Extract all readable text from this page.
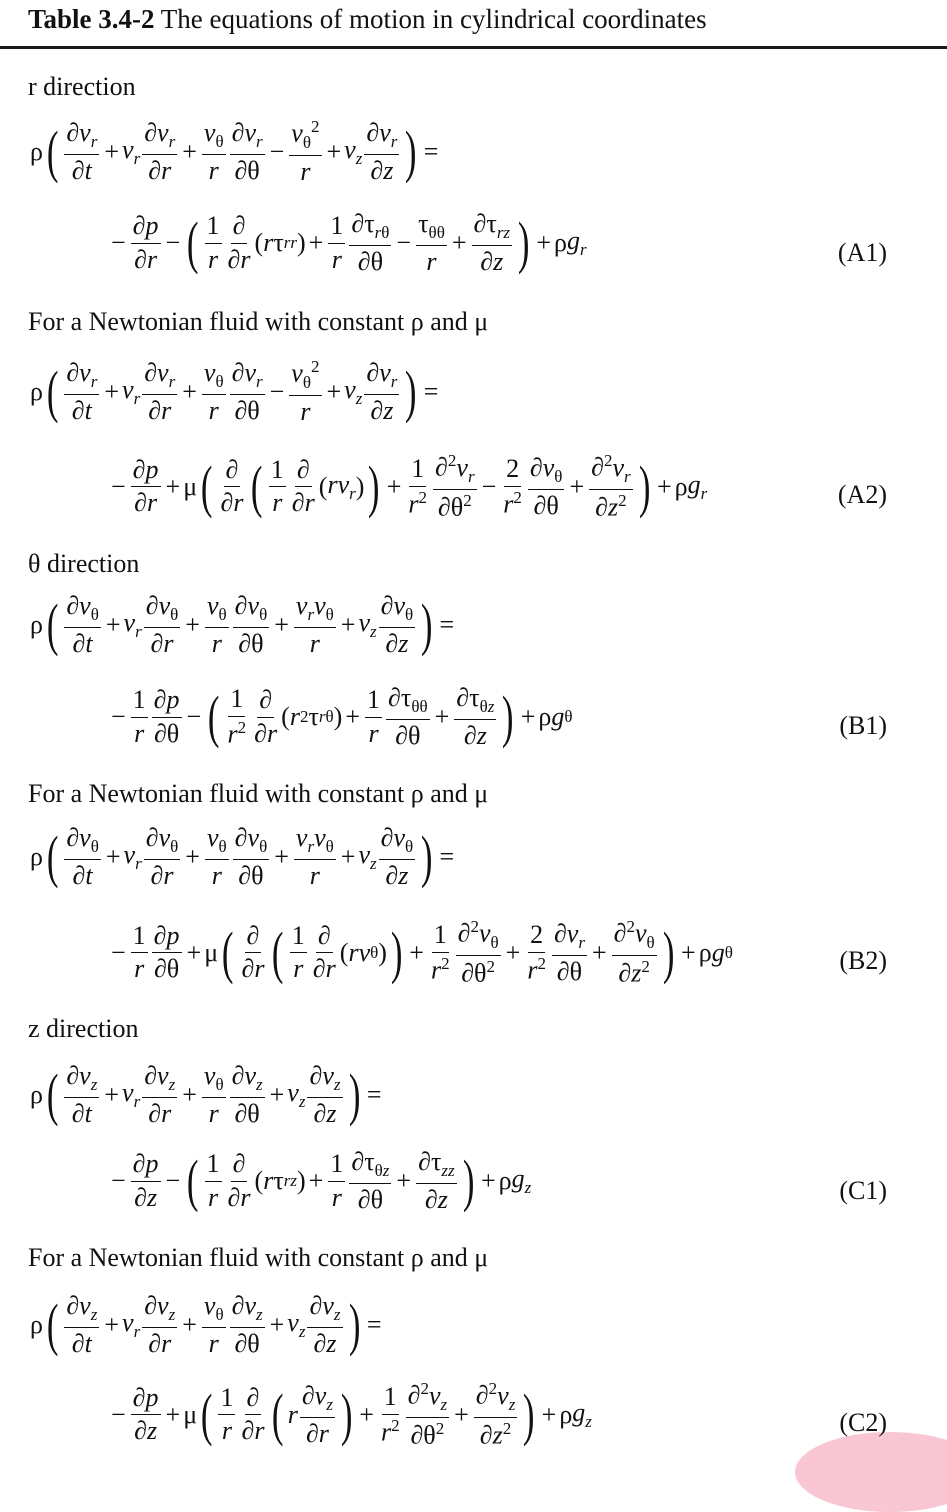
Table 3.4-2 The equations of motion in cylindrical coordinates
r direction
ρ ( $\frac{\partial v_r}{\partial t} + v_r \frac{\partial v_r}{\partial r} + \frac{v_\theta}{r} \frac{\partial v_r}{\partial\theta} - \frac{v_\theta^2}{r} + v_z \frac{\partial v_r}{\partial z}$ ) =
− $\frac{\partial p}{\partial r}$ − ( $\frac{1}{r} \frac{\partial}{\partial r}$ ( r τ rr ) + $\frac{1}{r} \frac{\partial\tau_{r\theta}}{\partial\theta} - \frac{\tau_{\theta\theta}}{r} + \frac{\partial\tau_{rz}}{\partial z}$ ) + ρ $g_r$	(A1)
For a Newtonian fluid with constant ρ and μ
ρ ( $\frac{\partial v_r}{\partial t} + v_r \frac{\partial v_r}{\partial r} + \frac{v_\theta}{r} \frac{\partial v_r}{\partial\theta} - \frac{v_\theta^2}{r} + v_z \frac{\partial v_r}{\partial z}$ ) =
− $\frac{\partial p}{\partial r} + \mu$ ( $\frac{\partial}{\partial r}$ ( $\frac{1}{r} \frac{\partial}{\partial r}$ ( $rv_r$ ) ) + $\frac{1}{r^2} \frac{\partial^2v_r}{\partial\theta^2} - \frac{2}{r^2} \frac{\partial v_\theta}{\partial\theta} + \frac{\partial^2v_r}{\partial z^2}$ ) + ρ $g_r$	(A2)
θ direction
ρ ( $\frac{\partial v_\theta}{\partial t} + v_r \frac{\partial v_\theta}{\partial r} + \frac{v_\theta}{r} \frac{\partial v_\theta}{\partial\theta} + \frac{v_rv_\theta}{r} + v_z \frac{\partial v_\theta}{\partial z}$ ) =
− $\frac{1}{r} \frac{\partial p}{\partial\theta}$ − ( $\frac{1}{r^2} \frac{\partial}{\partial r}$ ( r 2 τ rθ ) + $\frac{1}{r} \frac{\partial\tau_{\theta\theta}}{\partial\theta} + \frac{\partial\tau_{\theta z}}{\partial z}$ ) + ρ g θ	(B1)
For a Newtonian fluid with constant ρ and μ
ρ ( $\frac{\partial v_\theta}{\partial t} + v_r \frac{\partial v_\theta}{\partial r} + \frac{v_\theta}{r} \frac{\partial v_\theta}{\partial\theta} + \frac{v_rv_\theta}{r} + v_z \frac{\partial v_\theta}{\partial z}$ ) =
− $\frac{1}{r} \frac{\partial p}{\partial\theta} + \mu$ ( $\frac{\partial}{\partial r}$ ( $\frac{1}{r} \frac{\partial}{\partial r}$ ( rv θ ) ) + $\frac{1}{r^2} \frac{\partial^2v_\theta}{\partial\theta^2} + \frac{2}{r^2} \frac{\partial v_r}{\partial\theta} + \frac{\partial^2v_\theta}{\partial z^2}$ ) + ρ g θ	(B2)
z direction
ρ ( $\frac{\partial v_z}{\partial t} + v_r \frac{\partial v_z}{\partial r} + \frac{v_\theta}{r} \frac{\partial v_z}{\partial\theta} + v_z \frac{\partial v_z}{\partial z}$ ) =
− $\frac{\partial p}{\partial z}$ − ( $\frac{1}{r} \frac{\partial}{\partial r}$ ( r τ rz ) + $\frac{1}{r} \frac{\partial\tau_{\theta z}}{\partial\theta} + \frac{\partial\tau_{zz}}{\partial z}$ ) + ρ $g_z$	(C1)
For a Newtonian fluid with constant ρ and μ
ρ ( $\frac{\partial v_z}{\partial t} + v_r \frac{\partial v_z}{\partial r} + \frac{v_\theta}{r} \frac{\partial v_z}{\partial\theta} + v_z \frac{\partial v_z}{\partial z}$ ) =
− $\frac{\partial p}{\partial z} + \mu$ ( $\frac{1}{r} \frac{\partial}{\partial r}$ ( r $\frac{\partial v_z}{\partial r}$ ) + $\frac{1}{r^2} \frac{\partial^2v_z}{\partial\theta^2} + \frac{\partial^2v_z}{\partial z^2}$ ) + ρ $g_z$	(C2)
